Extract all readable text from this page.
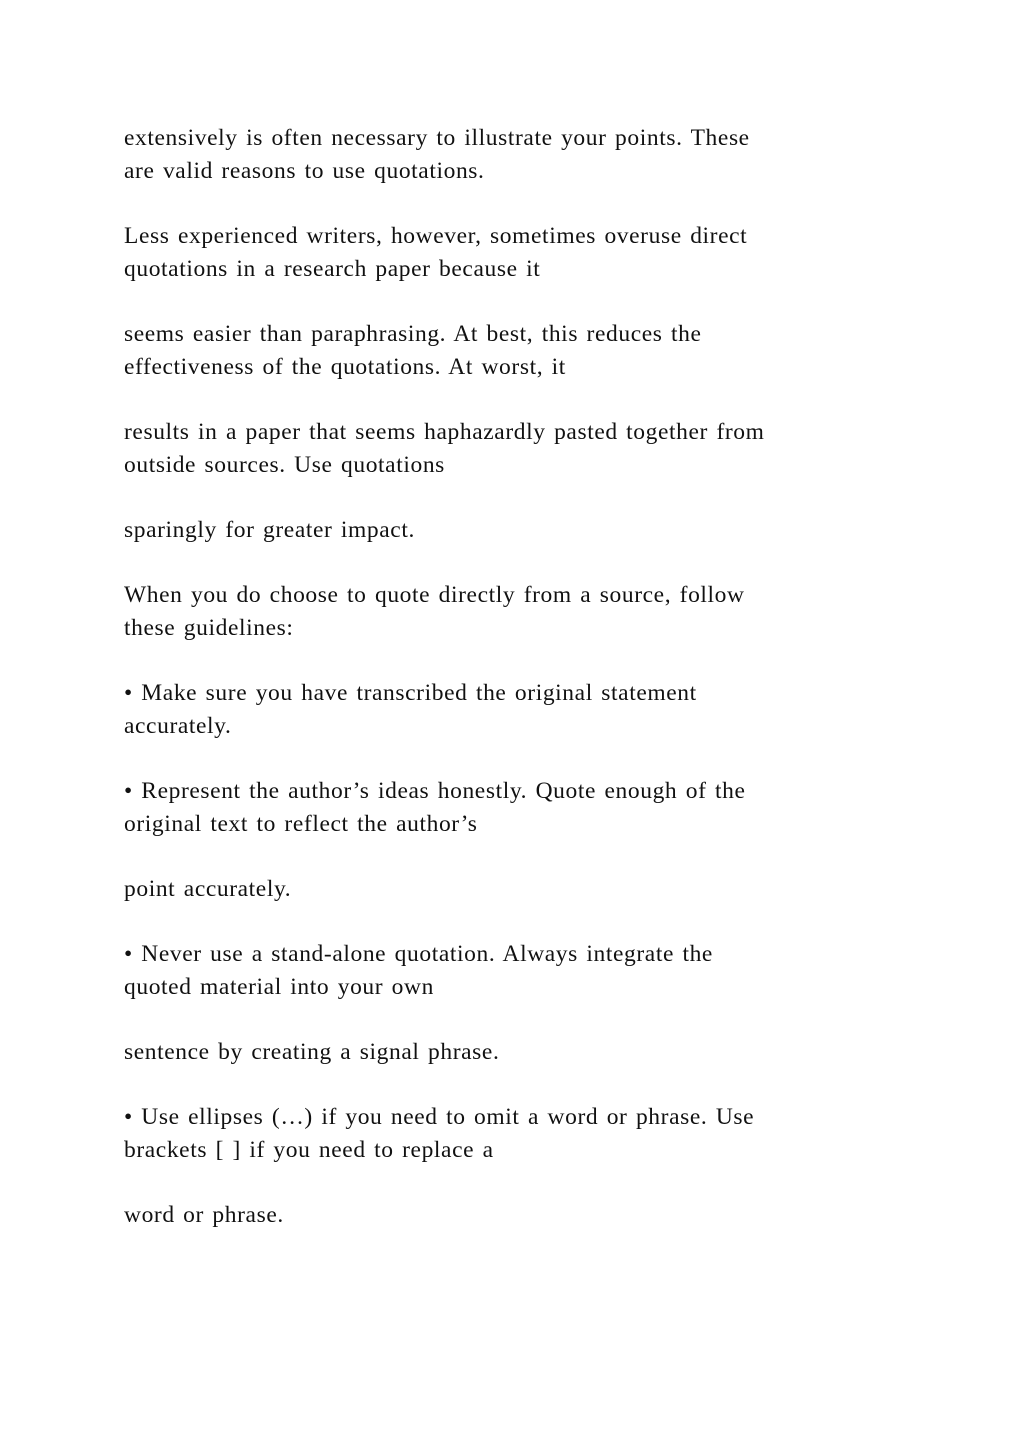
extensively is often necessary to illustrate your points. These
are valid reasons to use quotations.

Less experienced writers, however, sometimes overuse direct
quotations in a research paper because it

seems easier than paraphrasing. At best, this reduces the
effectiveness of the quotations. At worst, it

results in a paper that seems haphazardly pasted together from
outside sources. Use quotations

sparingly for greater impact.

When you do choose to quote directly from a source, follow
these guidelines:

• Make sure you have transcribed the original statement
accurately.

• Represent the author’s ideas honestly. Quote enough of the
original text to reflect the author’s

point accurately.

• Never use a stand-alone quotation. Always integrate the
quoted material into your own

sentence by creating a signal phrase.

• Use ellipses (…) if you need to omit a word or phrase. Use
brackets [ ] if you need to replace a

word or phrase.
